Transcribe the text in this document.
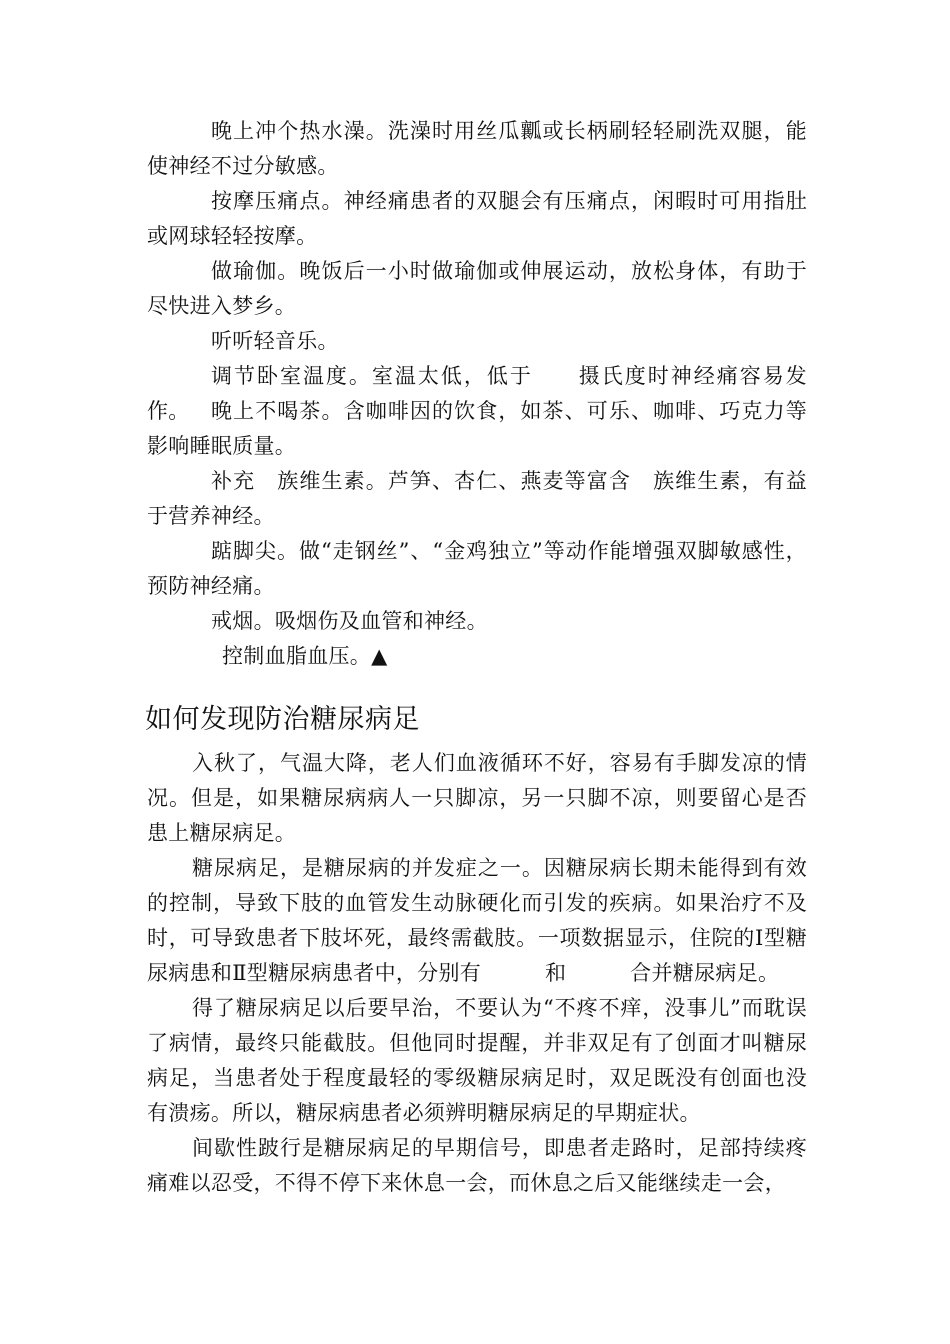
晚上冲个热水澡。洗澡时用丝瓜瓤或长柄刷轻轻刷洗双腿，能使神经不过分敏感。

按摩压痛点。神经痛患者的双腿会有压痛点，闲暇时可用指肚或网球轻轻按摩。

做瑜伽。晚饭后一小时做瑜伽或伸展运动，放松身体，有助于尽快进入梦乡。

听听轻音乐。

调节卧室温度。室温太低，低于　　摄氏度时神经痛容易发作。	晚上不喝茶。含咖啡因的饮食，如茶、可乐、咖啡、巧克力等影响睡眠质量。

补充　族维生素。芦笋、杏仁、燕麦等富含　族维生素，有益于营养神经。

踮脚尖。做“走钢丝”、“金鸡独立”等动作能增强双脚敏感性，预防神经痛。

戒烟。吸烟伤及血管和神经。

控制血脂血压。▲

如何发现防治糖尿病足

入秋了，气温大降，老人们血液循环不好，容易有手脚发凉的情况。但是，如果糖尿病病人一只脚凉，另一只脚不凉，则要留心是否患上糖尿病足。

糖尿病足，是糖尿病的并发症之一。因糖尿病长期未能得到有效的控制，导致下肢的血管发生动脉硬化而引发的疾病。如果治疗不及时，可导致患者下肢坏死，最终需截肢。一项数据显示，住院的Ⅰ型糖尿病患和Ⅱ型糖尿病患者中，分别有　　　和　　　合并糖尿病足。

得了糖尿病足以后要早治，不要认为“不疼不痒，没事儿”而耽误了病情，最终只能截肢。但他同时提醒，并非双足有了创面才叫糖尿病足，当患者处于程度最轻的零级糖尿病足时，双足既没有创面也没有溃疡。所以，糖尿病患者必须辨明糖尿病足的早期症状。

间歇性跛行是糖尿病足的早期信号，即患者走路时，足部持续疼痛难以忍受，不得不停下来休息一会，而休息之后又能继续走一会，
